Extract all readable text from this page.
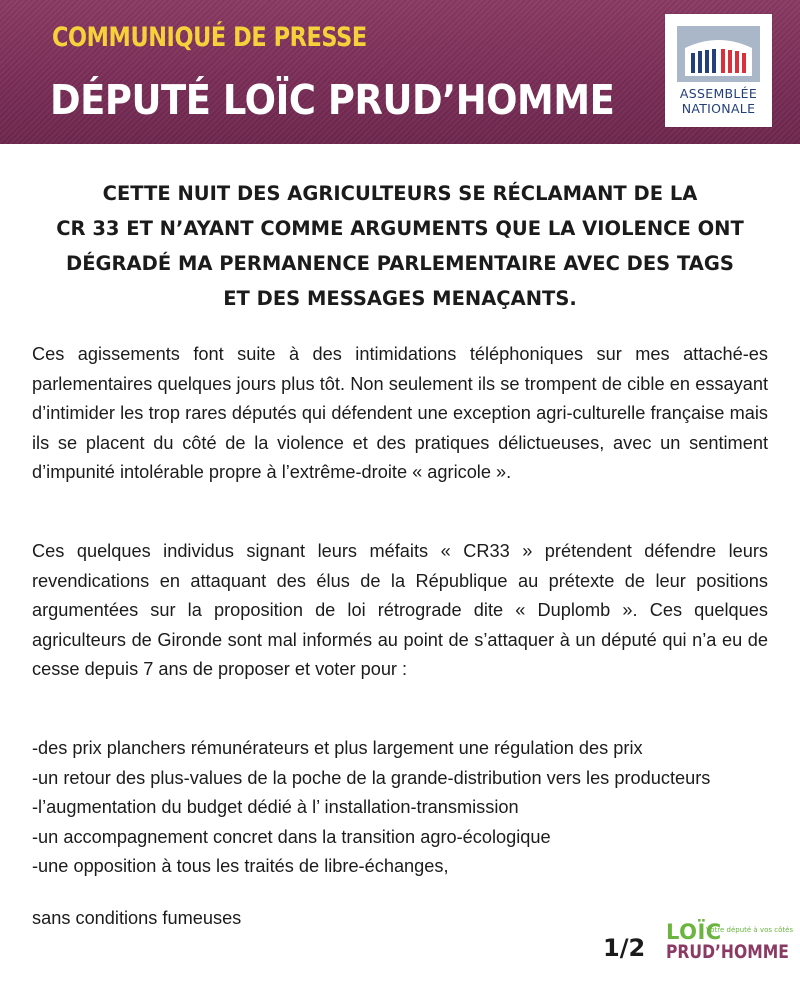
COMMUNIQUÉ DE PRESSE
DÉPUTÉ LOÏC PRUD’HOMME	ASSEMBLÉE
NATIONALE
CETTE NUIT DES AGRICULTEURS SE RÉCLAMANT DE LA
CR 33 ET N’AYANT COMME ARGUMENTS QUE LA VIOLENCE ONT
DÉGRADÉ MA PERMANENCE PARLEMENTAIRE AVEC DES TAGS
ET DES MESSAGES MENAÇANTS.

Ces agissements font suite à des intimidations téléphoniques sur mes attaché-es parlementaires quelques jours plus tôt. Non seulement ils se trompent de cible en essayant d’intimider les trop rares députés qui défendent une exception agri-culturelle française mais ils se placent du côté de la violence et des pratiques délictueuses, avec un sentiment d’impunité intolérable propre à l’extrême-droite « agricole ».

Ces quelques individus signant leurs méfaits « CR33 » prétendent défendre leurs revendications en attaquant des élus de la République au prétexte de leur positions argumentées sur la proposition de loi rétrograde dite « Duplomb ». Ces quelques agriculteurs de Gironde sont mal informés au point de s’attaquer à un député qui n’a eu de cesse depuis 7 ans de proposer et voter pour :

-des prix planchers rémunérateurs et plus largement une régulation des prix
-un retour des plus-values de la poche de la grande-distribution vers les producteurs
-l’augmentation du budget dédié à l’ installation-transmission
-un accompagnement concret dans la transition agro-écologique
-une opposition à tous les traités de libre-échanges,
sans conditions fumeuses
1/2
LOÏC
Votre député à vos côtés
PRUD’HOMME
